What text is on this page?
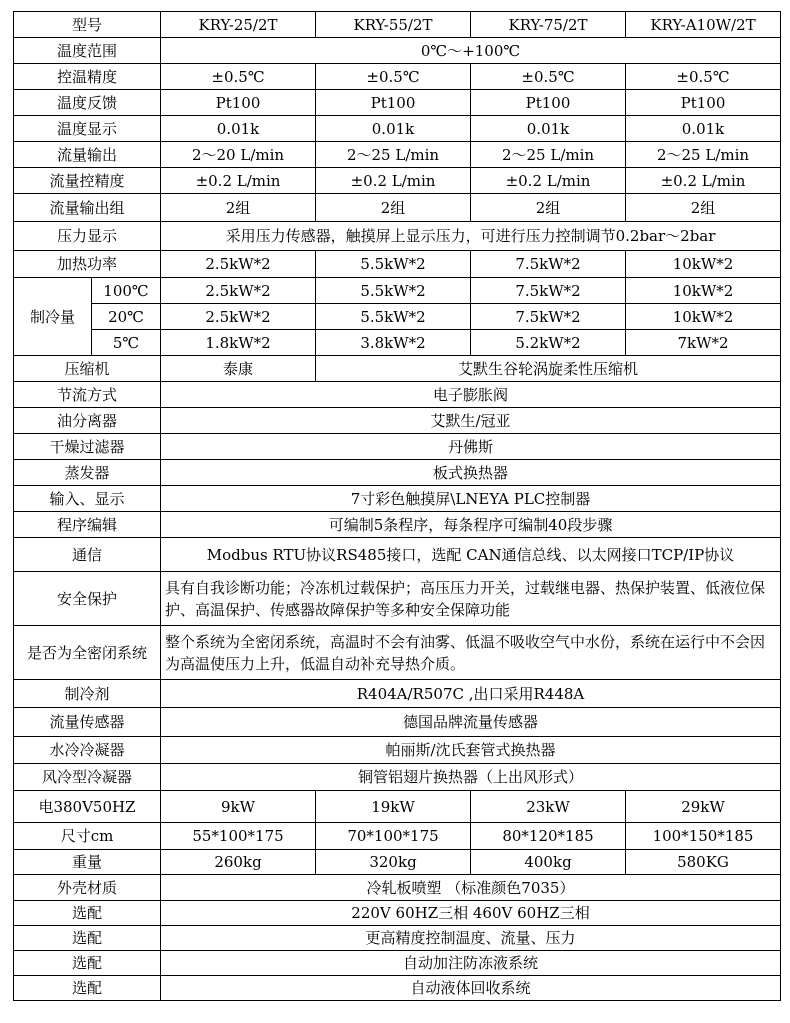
型号		KRY-25/2T	KRY-55/2T	KRY-75/2T	KRY-A10W/2T
温度范围		0℃～+100℃			
控温精度		±0.5℃	±0.5℃	±0.5℃	±0.5℃
温度反馈		Pt100	Pt100	Pt100	Pt100
温度显示		0.01k	0.01k	0.01k	0.01k
流量输出		2～20 L/min	2～25 L/min	2～25 L/min	2～25 L/min
流量控精度		±0.2 L/min	±0.2 L/min	±0.2 L/min	±0.2 L/min
流量输出组		2组	2组	2组	2组
压力显示		采用压力传感器，触摸屏上显示压力，可进行压力控制调节0.2bar～2bar			
加热功率		2.5kW*2	5.5kW*2	7.5kW*2	10kW*2
制冷量	100℃	2.5kW*2	5.5kW*2	7.5kW*2	10kW*2
	20℃	2.5kW*2	5.5kW*2	7.5kW*2	10kW*2
	5℃	1.8kW*2	3.8kW*2	5.2kW*2	7kW*2
压缩机		泰康	艾默生谷轮涡旋柔性压缩机		
节流方式		电子膨胀阀			
油分离器		艾默生/冠亚			
干燥过滤器		丹佛斯			
蒸发器		板式换热器			
输入、显示		7寸彩色触摸屏\LNEYA PLC控制器			
程序编辑		可编制5条程序，每条程序可编制40段步骤			
通信		Modbus RTU协议RS485接口，选配 CAN通信总线、以太网接口TCP/IP协议			
安全保护		具有自我诊断功能；冷冻机过载保护；高压压力开关，过载继电器、热保护装置、低液位保护、高温保护、传感器故障保护等多种安全保障功能			
是否为全密闭系统		整个系统为全密闭系统，高温时不会有油雾、低温不吸收空气中水份，系统在运行中不会因为高温使压力上升，低温自动补充导热介质。			
制冷剂		R404A/R507C ,出口采用R448A			
流量传感器		德国品牌流量传感器			
水冷冷凝器		帕丽斯/沈氏套管式换热器			
风冷型冷凝器		铜管铝翅片换热器（上出风形式）			
电380V50HZ		9kW	19kW	23kW	29kW
尺寸cm		55*100*175	70*100*175	80*120*185	100*150*185
重量		260kg	320kg	400kg	580KG
外壳材质		冷轧板喷塑 （标准颜色7035）			
选配		220V 60HZ三相 460V 60HZ三相			
选配		更高精度控制温度、流量、压力			
选配		自动加注防冻液系统			
选配		自动液体回收系统			
